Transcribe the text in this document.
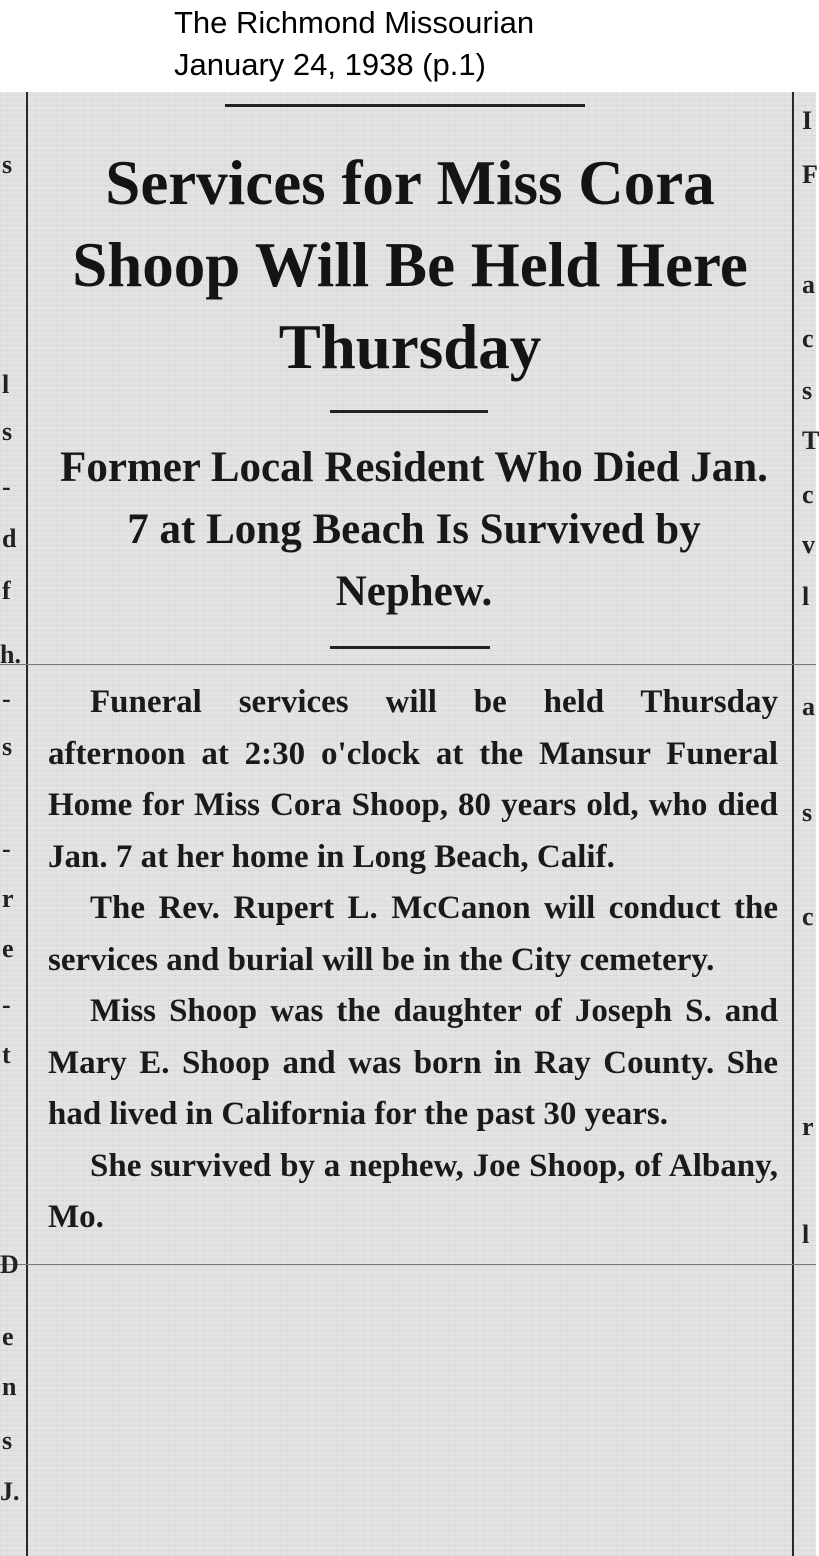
The Richmond Missourian
January 24, 1938 (p.1)
s
l
s
-
d
f
h.
-
s
-
r
e
-
t
D
e
n
s
J.
I
F
a
c
s
T
c
v
l
a
s
c
r
l
Services for Miss Cora Shoop Will Be Held Here Thursday
Former Local Resident Who Died Jan. 7 at Long Beach Is Survived by Nephew.

Funeral services will be held Thursday afternoon at 2:30 o'clock at the Mansur Funeral Home for Miss Cora Shoop, 80 years old, who died Jan. 7 at her home in Long Beach, Calif.

The Rev. Rupert L. McCanon will conduct the services and burial will be in the City cemetery.

Miss Shoop was the daughter of Joseph S. and Mary E. Shoop and was born in Ray County. She had lived in California for the past 30 years.

She survived by a nephew, Joe Shoop, of Albany, Mo.
